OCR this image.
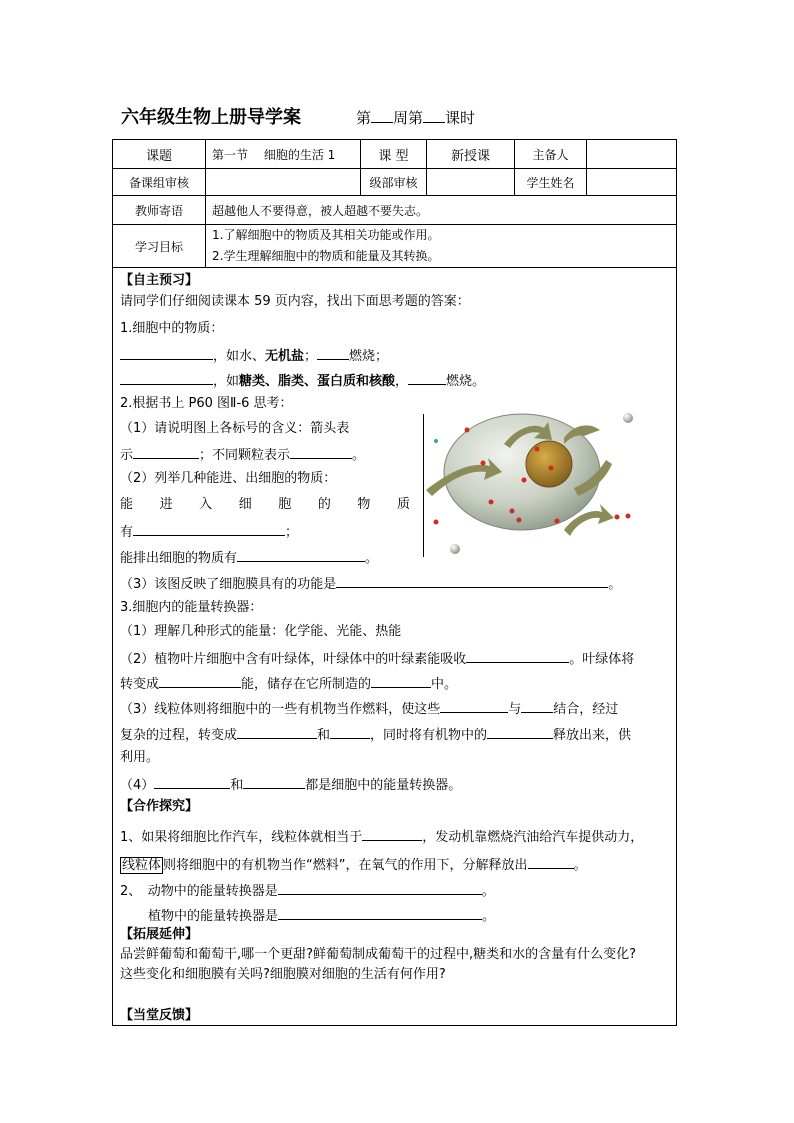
六年级生物上册导学案	第 周第 课时
课题	第一节　 细胞的生活 1	课 型	新授课	主备人	
备课组审核		级部审核		学生姓名	
教师寄语	超越他人不要得意，被人超越不要失志。				
学习目标	1.了解细胞中的物质及其相关功能或作用。
2.学生理解细胞中的物质和能量及其转换。				
【自主预习】
请同学们仔细阅读课本 59 页内容，找出下面思考题的答案：
1.细胞中的物质：
，如水、无机盐； 燃烧；
，如糖类、脂类、蛋白质和核酸，	燃烧。
2.根据书上 P60 图Ⅱ-6 思考：
（1）请说明图上各标号的含义：箭头表
示	；不同颗粒表示	。
（2）列举几种能进、出细胞的物质：
能 进 入 细 胞 的 物 质
有	；
能排出细胞的物质有	。
（3）该图反映了细胞膜具有的功能是	。
3.细胞内的能量转换器：
（1）理解几种形式的能量：化学能、光能、热能
（2）植物叶片细胞中含有叶绿体，叶绿体中的叶绿素能吸收	。叶绿体将
转变成	能，储存在它所制造的	中。
（3）线粒体则将细胞中的一些有机物当作燃料，使这些	与 结合，经过
复杂的过程，转变成	和	，同时将有机物中的	释放出来，供
利用。
（4）	和	都是细胞中的能量转换器。
【合作探究】
1、如果将细胞比作汽车，线粒体就相当于	，发动机靠燃烧汽油给汽车提供动力，
线粒体 则将细胞中的有机物当作“燃料”，在氧气的作用下，分解释放出	。
2、　动物中的能量转换器是	。
植物中的能量转换器是	。
【拓展延伸】
品尝鲜葡萄和葡萄干,哪一个更甜?鲜葡萄制成葡萄干的过程中,糖类和水的含量有什么变化?
这些变化和细胞膜有关吗?细胞膜对细胞的生活有何作用?
【当堂反馈】
